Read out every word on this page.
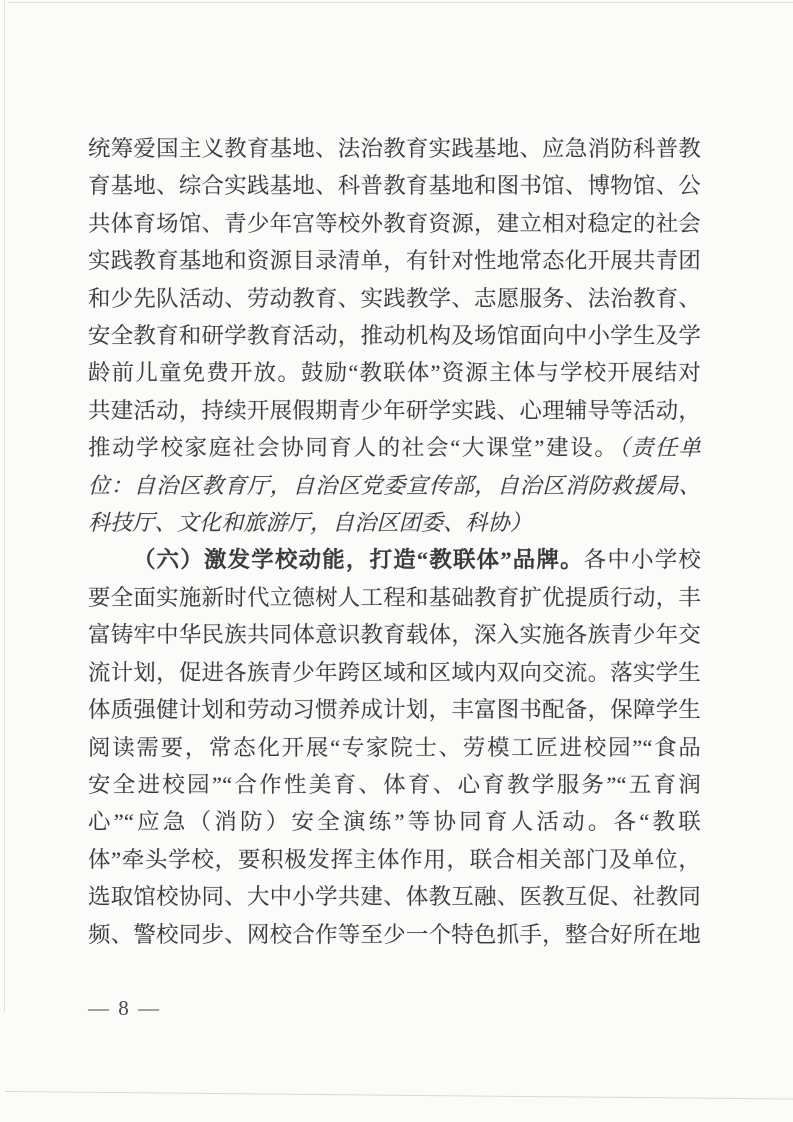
统筹爱国主义教育基地、法治教育实践基地、应急消防科普教
育基地、综合实践基地、科普教育基地和图书馆、博物馆、公
共体育场馆、青少年宫等校外教育资源，建立相对稳定的社会
实践教育基地和资源目录清单，有针对性地常态化开展共青团
和少先队活动、劳动教育、实践教学、志愿服务、法治教育、
安全教育和研学教育活动，推动机构及场馆面向中小学生及学
龄前儿童免费开放。鼓励“教联体”资源主体与学校开展结对
共建活动，持续开展假期青少年研学实践、心理辅导等活动，
推动学校家庭社会协同育人的社会“大课堂”建设。（责任单
位：自治区教育厅，自治区党委宣传部，自治区消防救援局、
科技厅、文化和旅游厅，自治区团委、科协）
（六）激发学校动能，打造“教联体”品牌。各中小学校
要全面实施新时代立德树人工程和基础教育扩优提质行动，丰
富铸牢中华民族共同体意识教育载体，深入实施各族青少年交
流计划，促进各族青少年跨区域和区域内双向交流。落实学生
体质强健计划和劳动习惯养成计划，丰富图书配备，保障学生
阅读需要，常态化开展“专家院士、劳模工匠进校园”“食品
安全进校园”“合作性美育、体育、心育教学服务”“五育润
心”“应急（消防）安全演练”等协同育人活动。各“教联
体”牵头学校，要积极发挥主体作用，联合相关部门及单位，
选取馆校协同、大中小学共建、体教互融、医教互促、社教同
频、警校同步、网校合作等至少一个特色抓手，整合好所在地
— 8 —
